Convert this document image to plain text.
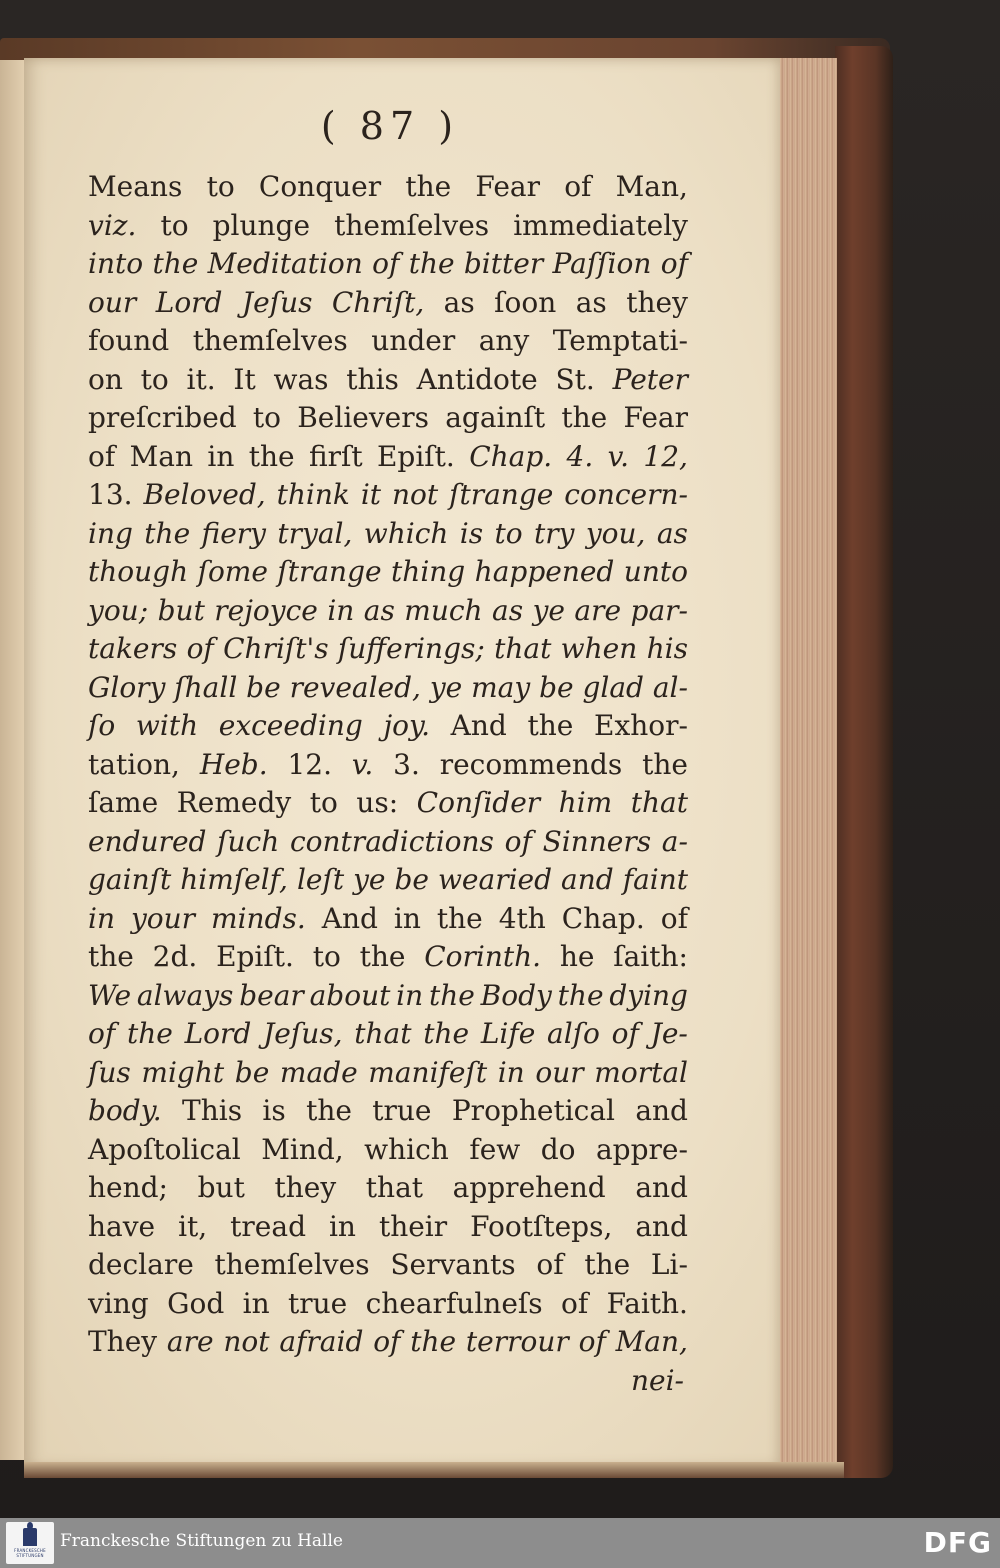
( 87 )
Means to Conquer the Fear of Man,
viz. to plunge themſelves immediately
into the Meditation of the bitter Paſſion of
our Lord Jeſus Chriſt, as ſoon as they
found themſelves under any Temptati-
on to it. It was this Antidote St. Peter
preſcribed to Believers againſt the Fear
of Man in the firſt Epiſt. Chap. 4. v. 12,
13. Beloved, think it not ſtrange concern-
ing the fiery tryal, which is to try you, as
though ſome ſtrange thing happened unto
you; but rejoyce in as much as ye are par-
takers of Chriſt's ſufferings; that when his
Glory ſhall be revealed, ye may be glad al-
ſo with exceeding joy. And the Exhor-
tation, Heb. 12. v. 3. recommends the
ſame Remedy to us: Conſider him that
endured ſuch contradictions of Sinners a-
gainſt himſelf, leſt ye be wearied and faint
in your minds. And in the 4th Chap. of
the 2d. Epiſt. to the Corinth. he ſaith:
We always bear about in the Body the dying
of the Lord Jeſus, that the Life alſo of Je-
ſus might be made manifeſt in our mortal
body. This is the true Prophetical and
Apoſtolical Mind, which few do appre-
hend; but they that apprehend and
have it, tread in their Footſteps, and
declare themſelves Servants of the Li-
ving God in true chearfulneſs of Faith.
They are not afraid of the terrour of Man,
nei-
FRANCKESCHE STIFTUNGEN
Franckesche Stiftungen zu Halle	DFG
